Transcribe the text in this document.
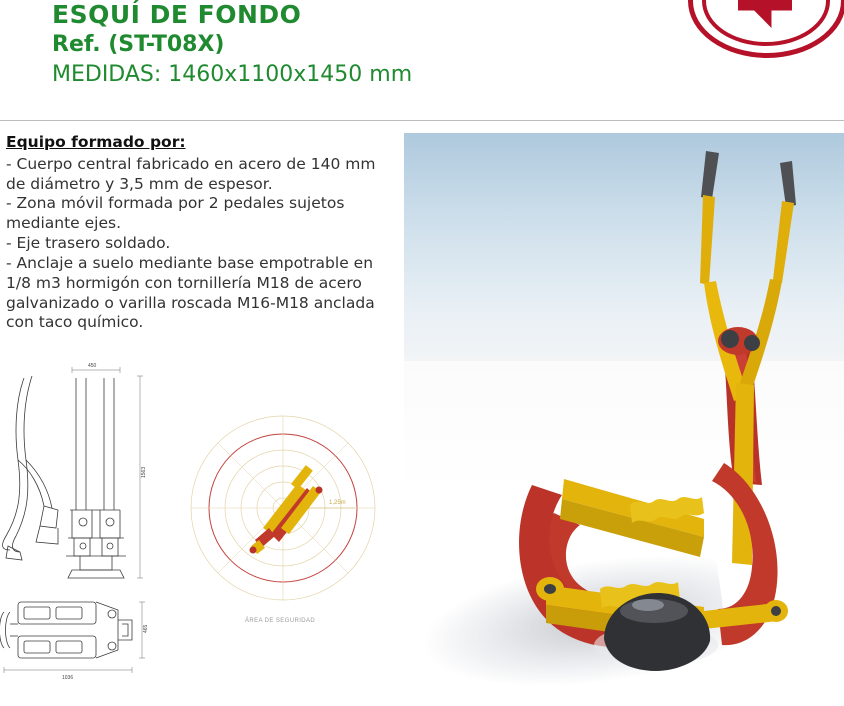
ESQUÍ DE FONDO
Ref. (ST-T08X)
MEDIDAS: 1460x1100x1450 mm
Equipo formado por:
- Cuerpo central fabricado en acero de 140 mm
de diámetro y 3,5 mm de espesor.
- Zona móvil formada por 2 pedales sujetos
mediante ejes.
- Eje trasero soldado.
- Anclaje a suelo mediante base empotrable en
1/8 m3 hormigón con tornillería M18 de acero
galvanizado o varilla roscada M16-M18 anclada
con taco químico.
450
1563
465
1036
1,25m
ÁREA DE SEGURIDAD
